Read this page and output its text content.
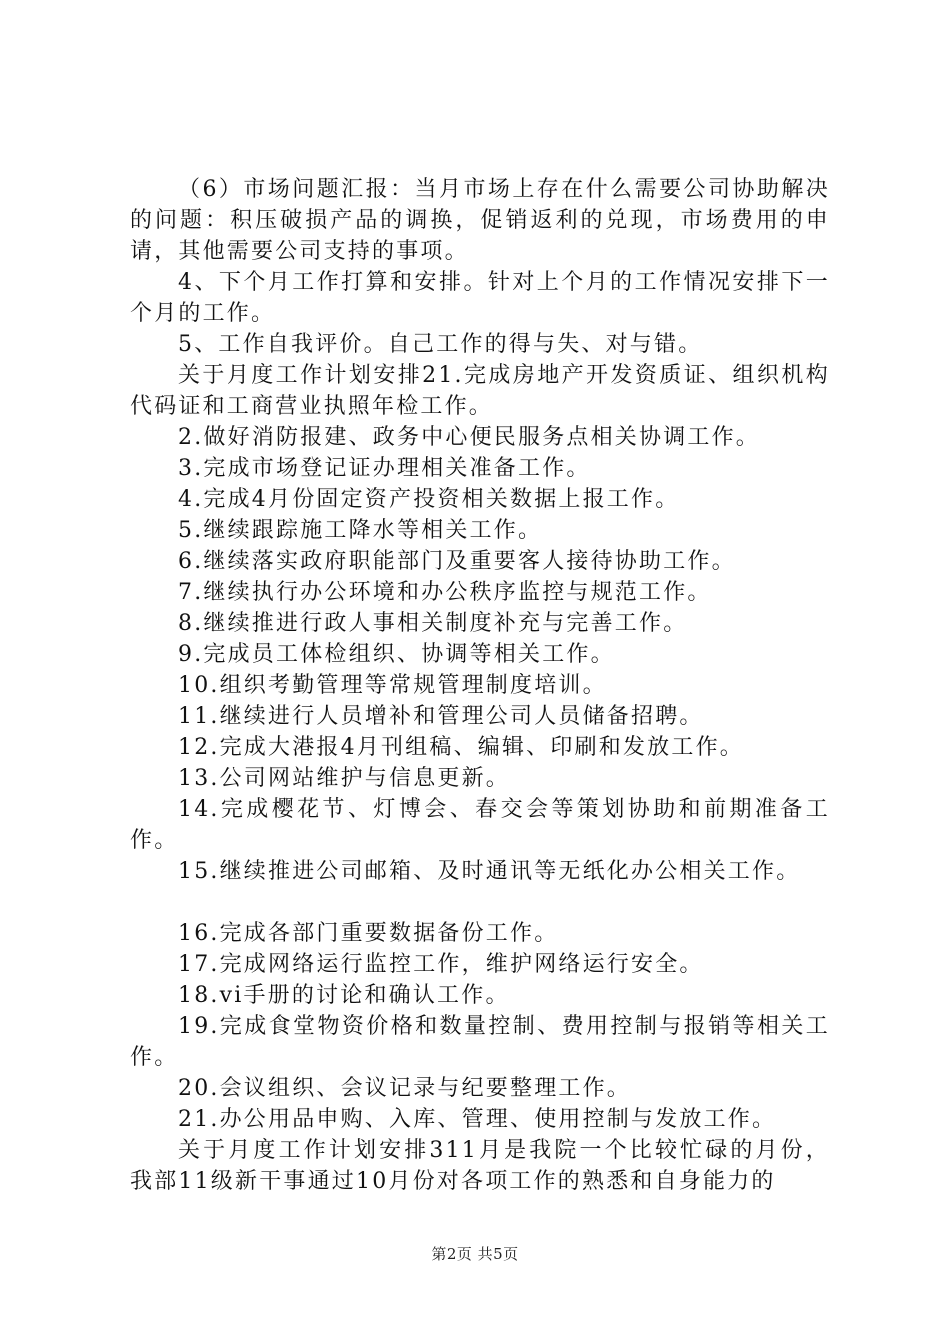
（6）市场问题汇报：当月市场上存在什么需要公司协助解决的问题：积压破损产品的调换，促销返利的兑现，市场费用的申请，其他需要公司支持的事项。

4、下个月工作打算和安排。针对上个月的工作情况安排下一个月的工作。

5、工作自我评价。自己工作的得与失、对与错。

关于月度工作计划安排21.完成房地产开发资质证、组织机构代码证和工商营业执照年检工作。

2.做好消防报建、政务中心便民服务点相关协调工作。

3.完成市场登记证办理相关准备工作。

4.完成4月份固定资产投资相关数据上报工作。

5.继续跟踪施工降水等相关工作。

6.继续落实政府职能部门及重要客人接待协助工作。

7.继续执行办公环境和办公秩序监控与规范工作。

8.继续推进行政人事相关制度补充与完善工作。

9.完成员工体检组织、协调等相关工作。

10.组织考勤管理等常规管理制度培训。

11.继续进行人员增补和管理公司人员储备招聘。

12.完成大港报4月刊组稿、编辑、印刷和发放工作。

13.公司网站维护与信息更新。

14.完成樱花节、灯博会、春交会等策划协助和前期准备工作。

15.继续推进公司邮箱、及时通讯等无纸化办公相关工作。

16.完成各部门重要数据备份工作。

17.完成网络运行监控工作，维护网络运行安全。

18.vi手册的讨论和确认工作。

19.完成食堂物资价格和数量控制、费用控制与报销等相关工作。

20.会议组织、会议记录与纪要整理工作。

21.办公用品申购、入库、管理、使用控制与发放工作。

关于月度工作计划安排311月是我院一个比较忙碌的月份，我部11级新干事通过10月份对各项工作的熟悉和自身能力的

第2页 共5页
